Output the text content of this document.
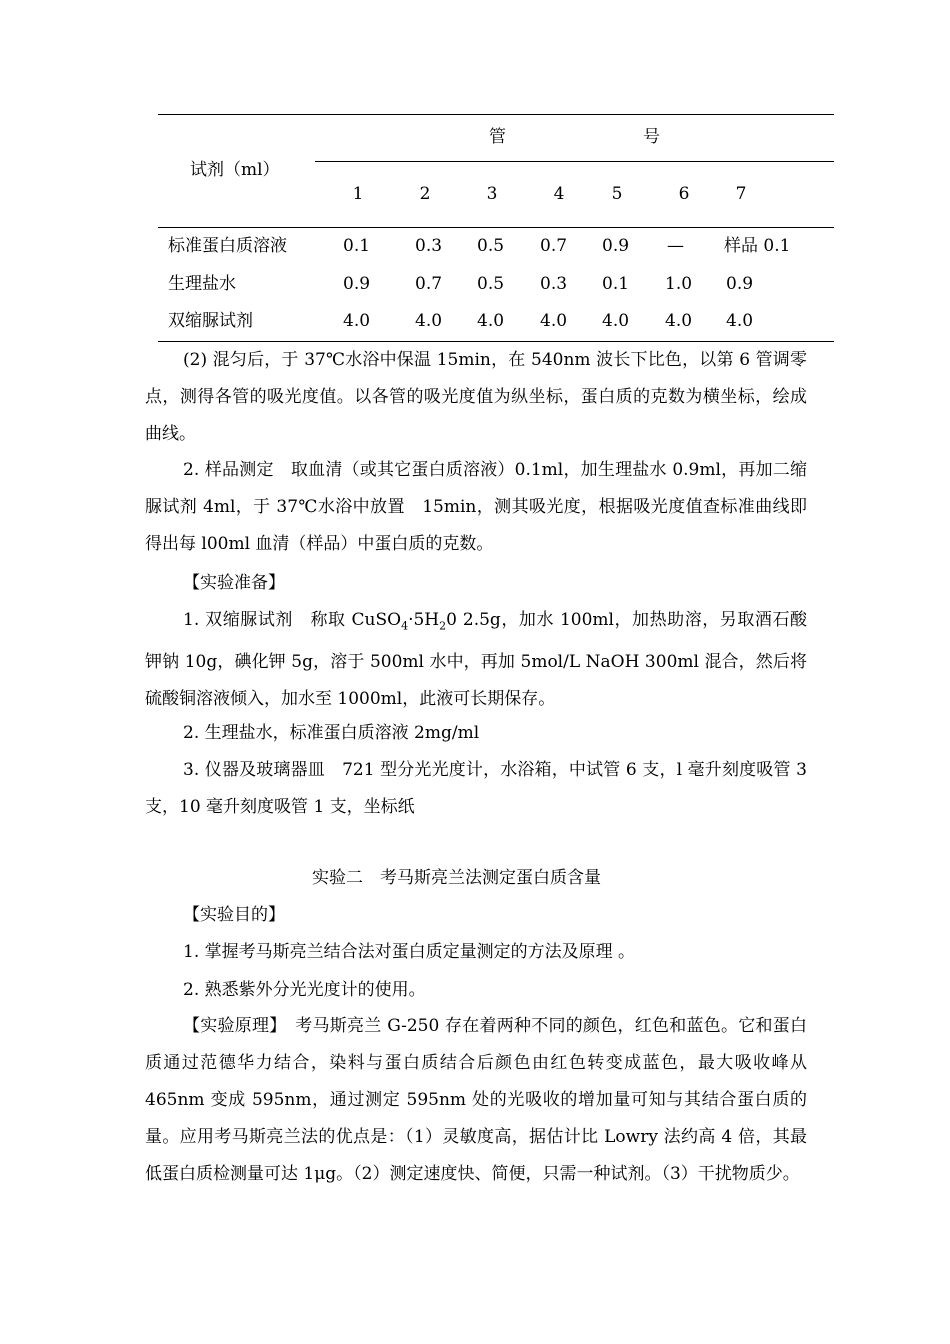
管	号
试剂（ml）
1	2	3	4	5	6	7
标准蛋白质溶液	0.1	0.3 0.5 0.7 0.9 — 样品 0.1
生理盐水	0.9	0.7 0.5 0.3 0.1 1.0 0.9
双缩脲试剂	4.0	4.0 4.0 4.0 4.0 4.0 4.0

(2) 混匀后，于 37℃水浴中保温 15min，在 540nm 波长下比色，以第 6 管调零点，测得各管的吸光度值。以各管的吸光度值为纵坐标，蛋白质的克数为横坐标，绘成曲线。

2. 样品测定　取血清（或其它蛋白质溶液）0.1ml，加生理盐水 0.9ml，再加二缩脲试剂 4ml，于 37℃水浴中放置　15min，测其吸光度，根据吸光度值查标准曲线即得出每 l00ml 血清（样品）中蛋白质的克数。

【实验准备】

1. 双缩脲试剂　称取 $CuSO_4\cdot 5H_20$ 2.5g，加水 100ml，加热助溶，另取酒石酸钾钠 10g，碘化钾 5g，溶于 500ml 水中，再加 5mol/L NaOH 300ml 混合，然后将硫酸铜溶液倾入，加水至 1000ml，此液可长期保存。

2. 生理盐水，标准蛋白质溶液 2mg/ml

3. 仪器及玻璃器皿　721 型分光光度计，水浴箱，中试管 6 支，l 毫升刻度吸管 3 支，10 毫升刻度吸管 1 支，坐标纸

实验二　考马斯亮兰法测定蛋白质含量
【实验目的】
1. 掌握考马斯亮兰结合法对蛋白质定量测定的方法及原理 。
2. 熟悉紫外分光光度计的使用。

【实验原理】　考马斯亮兰 G-250 存在着两种不同的颜色，红色和蓝色。它和蛋白质通过范德华力结合，染料与蛋白质结合后颜色由红色转变成蓝色，最大吸收峰从 465nm 变成 595nm，通过测定 595nm 处的光吸收的增加量可知与其结合蛋白质的量。应用考马斯亮兰法的优点是：（1）灵敏度高，据估计比 Lowry 法约高 4 倍，其最低蛋白质检测量可达 1μg。（2）测定速度快、简便，只需一种试剂。（3）干扰物质少。
